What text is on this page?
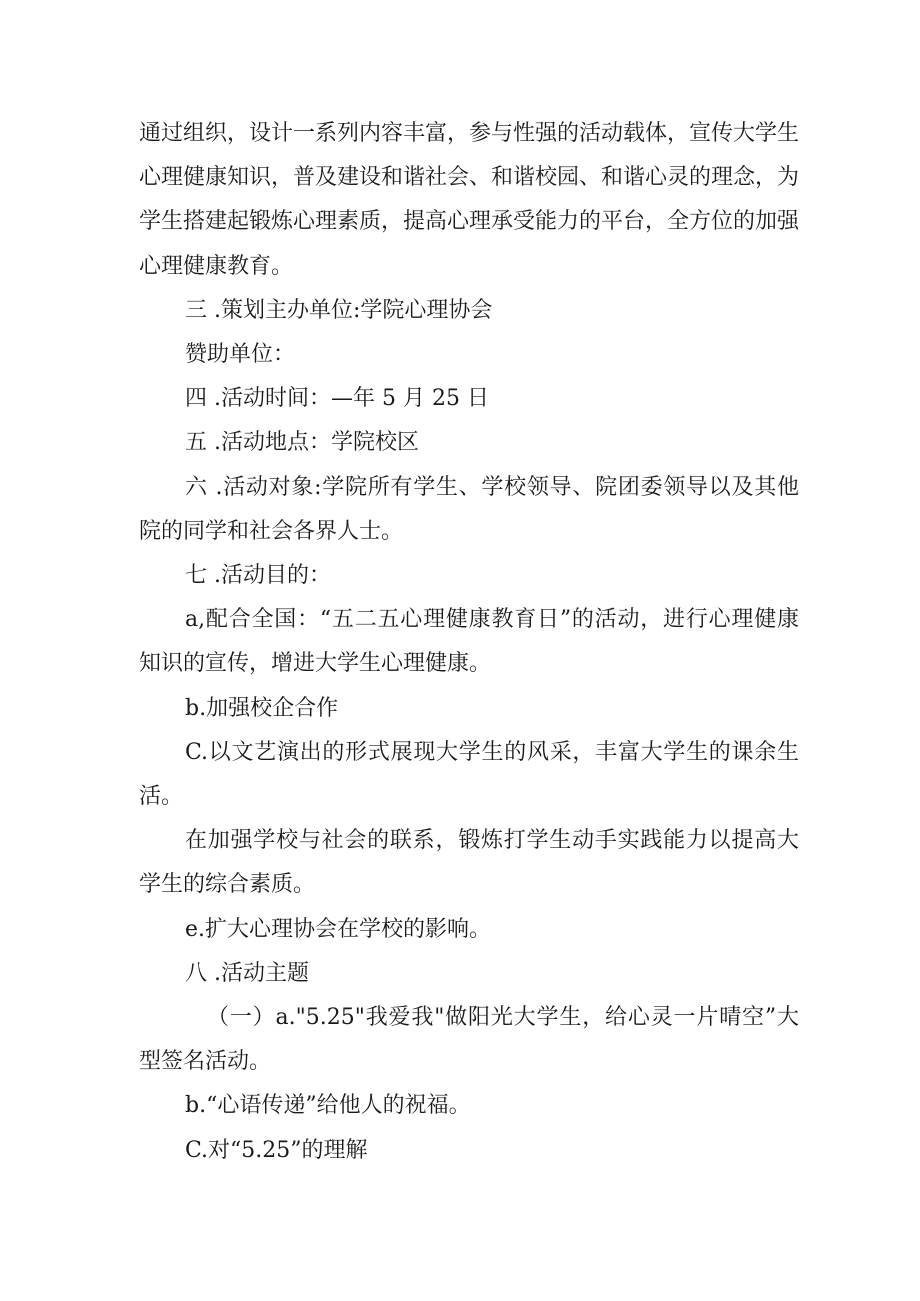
通过组织，设计一系列内容丰富，参与性强的活动载体，宣传大学生心理健康知识，普及建设和谐社会、和谐校园、和谐心灵的理念，为学生搭建起锻炼心理素质，提高心理承受能力的平台，全方位的加强心理健康教育。

三 .策划主办单位:学院心理协会

赞助单位：

四 .活动时间：—年 5 月 25 日

五 .活动地点：学院校区

六 .活动对象:学院所有学生、学校领导、院团委领导以及其他院的同学和社会各界人士。

七 .活动目的：

a,配合全国：“五二五心理健康教育日”的活动，进行心理健康知识的宣传，增进大学生心理健康。

b.加强校企合作

C.以文艺演出的形式展现大学生的风采，丰富大学生的课余生活。

在加强学校与社会的联系，锻炼打学生动手实践能力以提高大学生的综合素质。

e.扩大心理协会在学校的影响。

八 .活动主题

（一）a."5.25"我爱我"做阳光大学生，给心灵一片晴空”大型签名活动。

b.“心语传递”给他人的祝福。

C.对“5.25”的理解
